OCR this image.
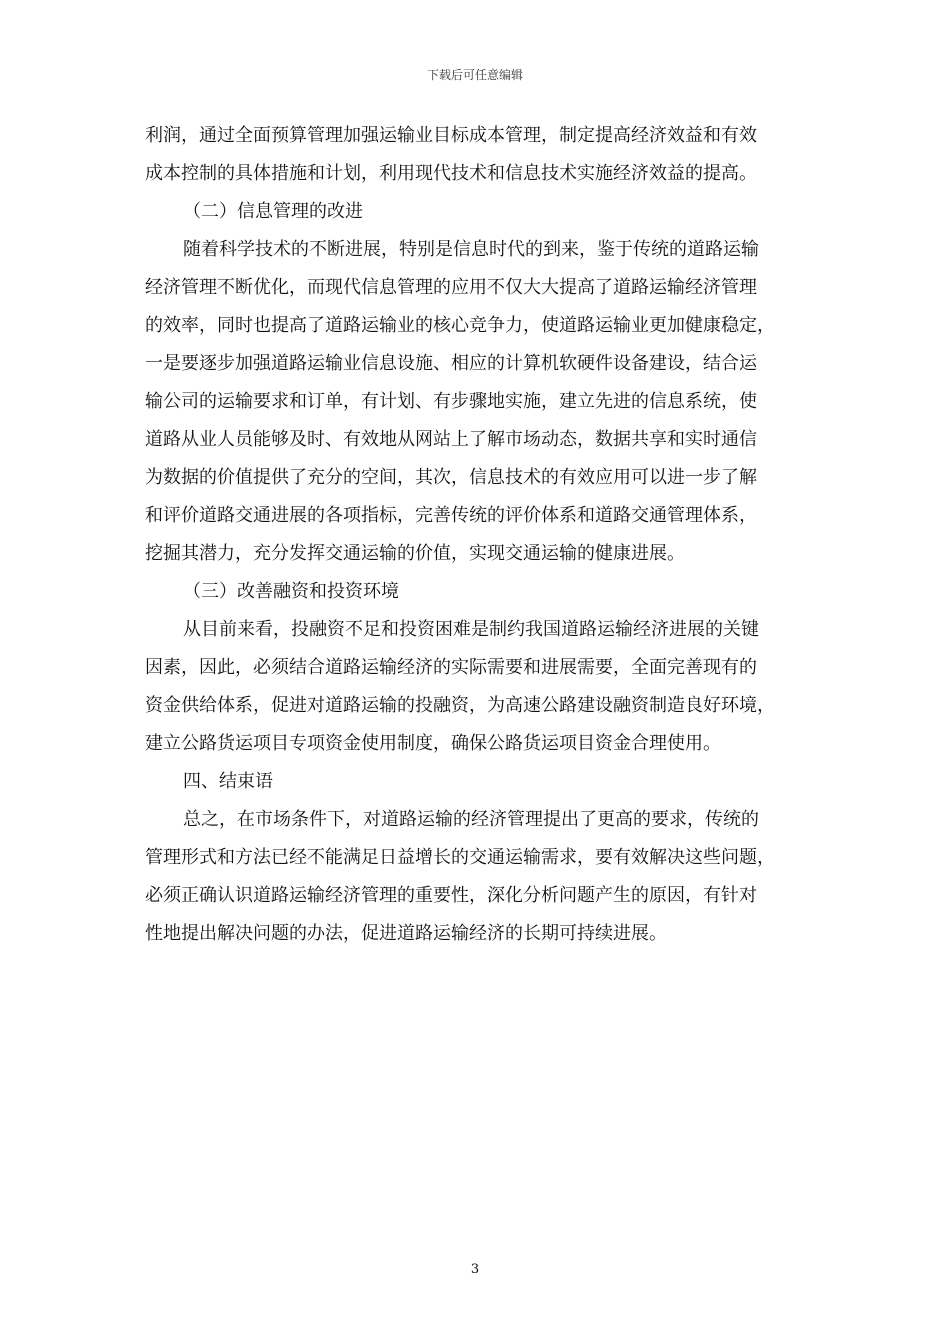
下载后可任意编辑
利润，通过全面预算管理加强运输业目标成本管理，制定提高经济效益和有效
成本控制的具体措施和计划，利用现代技术和信息技术实施经济效益的提高。
（二）信息管理的改进
随着科学技术的不断进展，特别是信息时代的到来，鉴于传统的道路运输
经济管理不断优化，而现代信息管理的应用不仅大大提高了道路运输经济管理
的效率，同时也提高了道路运输业的核心竞争力，使道路运输业更加健康稳定，
一是要逐步加强道路运输业信息设施、相应的计算机软硬件设备建设，结合运
输公司的运输要求和订单，有计划、有步骤地实施，建立先进的信息系统，使
道路从业人员能够及时、有效地从网站上了解市场动态，数据共享和实时通信
为数据的价值提供了充分的空间，其次，信息技术的有效应用可以进一步了解
和评价道路交通进展的各项指标，完善传统的评价体系和道路交通管理体系，
挖掘其潜力，充分发挥交通运输的价值，实现交通运输的健康进展。
（三）改善融资和投资环境
从目前来看，投融资不足和投资困难是制约我国道路运输经济进展的关键
因素，因此，必须结合道路运输经济的实际需要和进展需要，全面完善现有的
资金供给体系，促进对道路运输的投融资，为高速公路建设融资制造良好环境，
建立公路货运项目专项资金使用制度，确保公路货运项目资金合理使用。
四、结束语
总之，在市场条件下，对道路运输的经济管理提出了更高的要求，传统的
管理形式和方法已经不能满足日益增长的交通运输需求，要有效解决这些问题，
必须正确认识道路运输经济管理的重要性，深化分析问题产生的原因，有针对
性地提出解决问题的办法，促进道路运输经济的长期可持续进展。
3
